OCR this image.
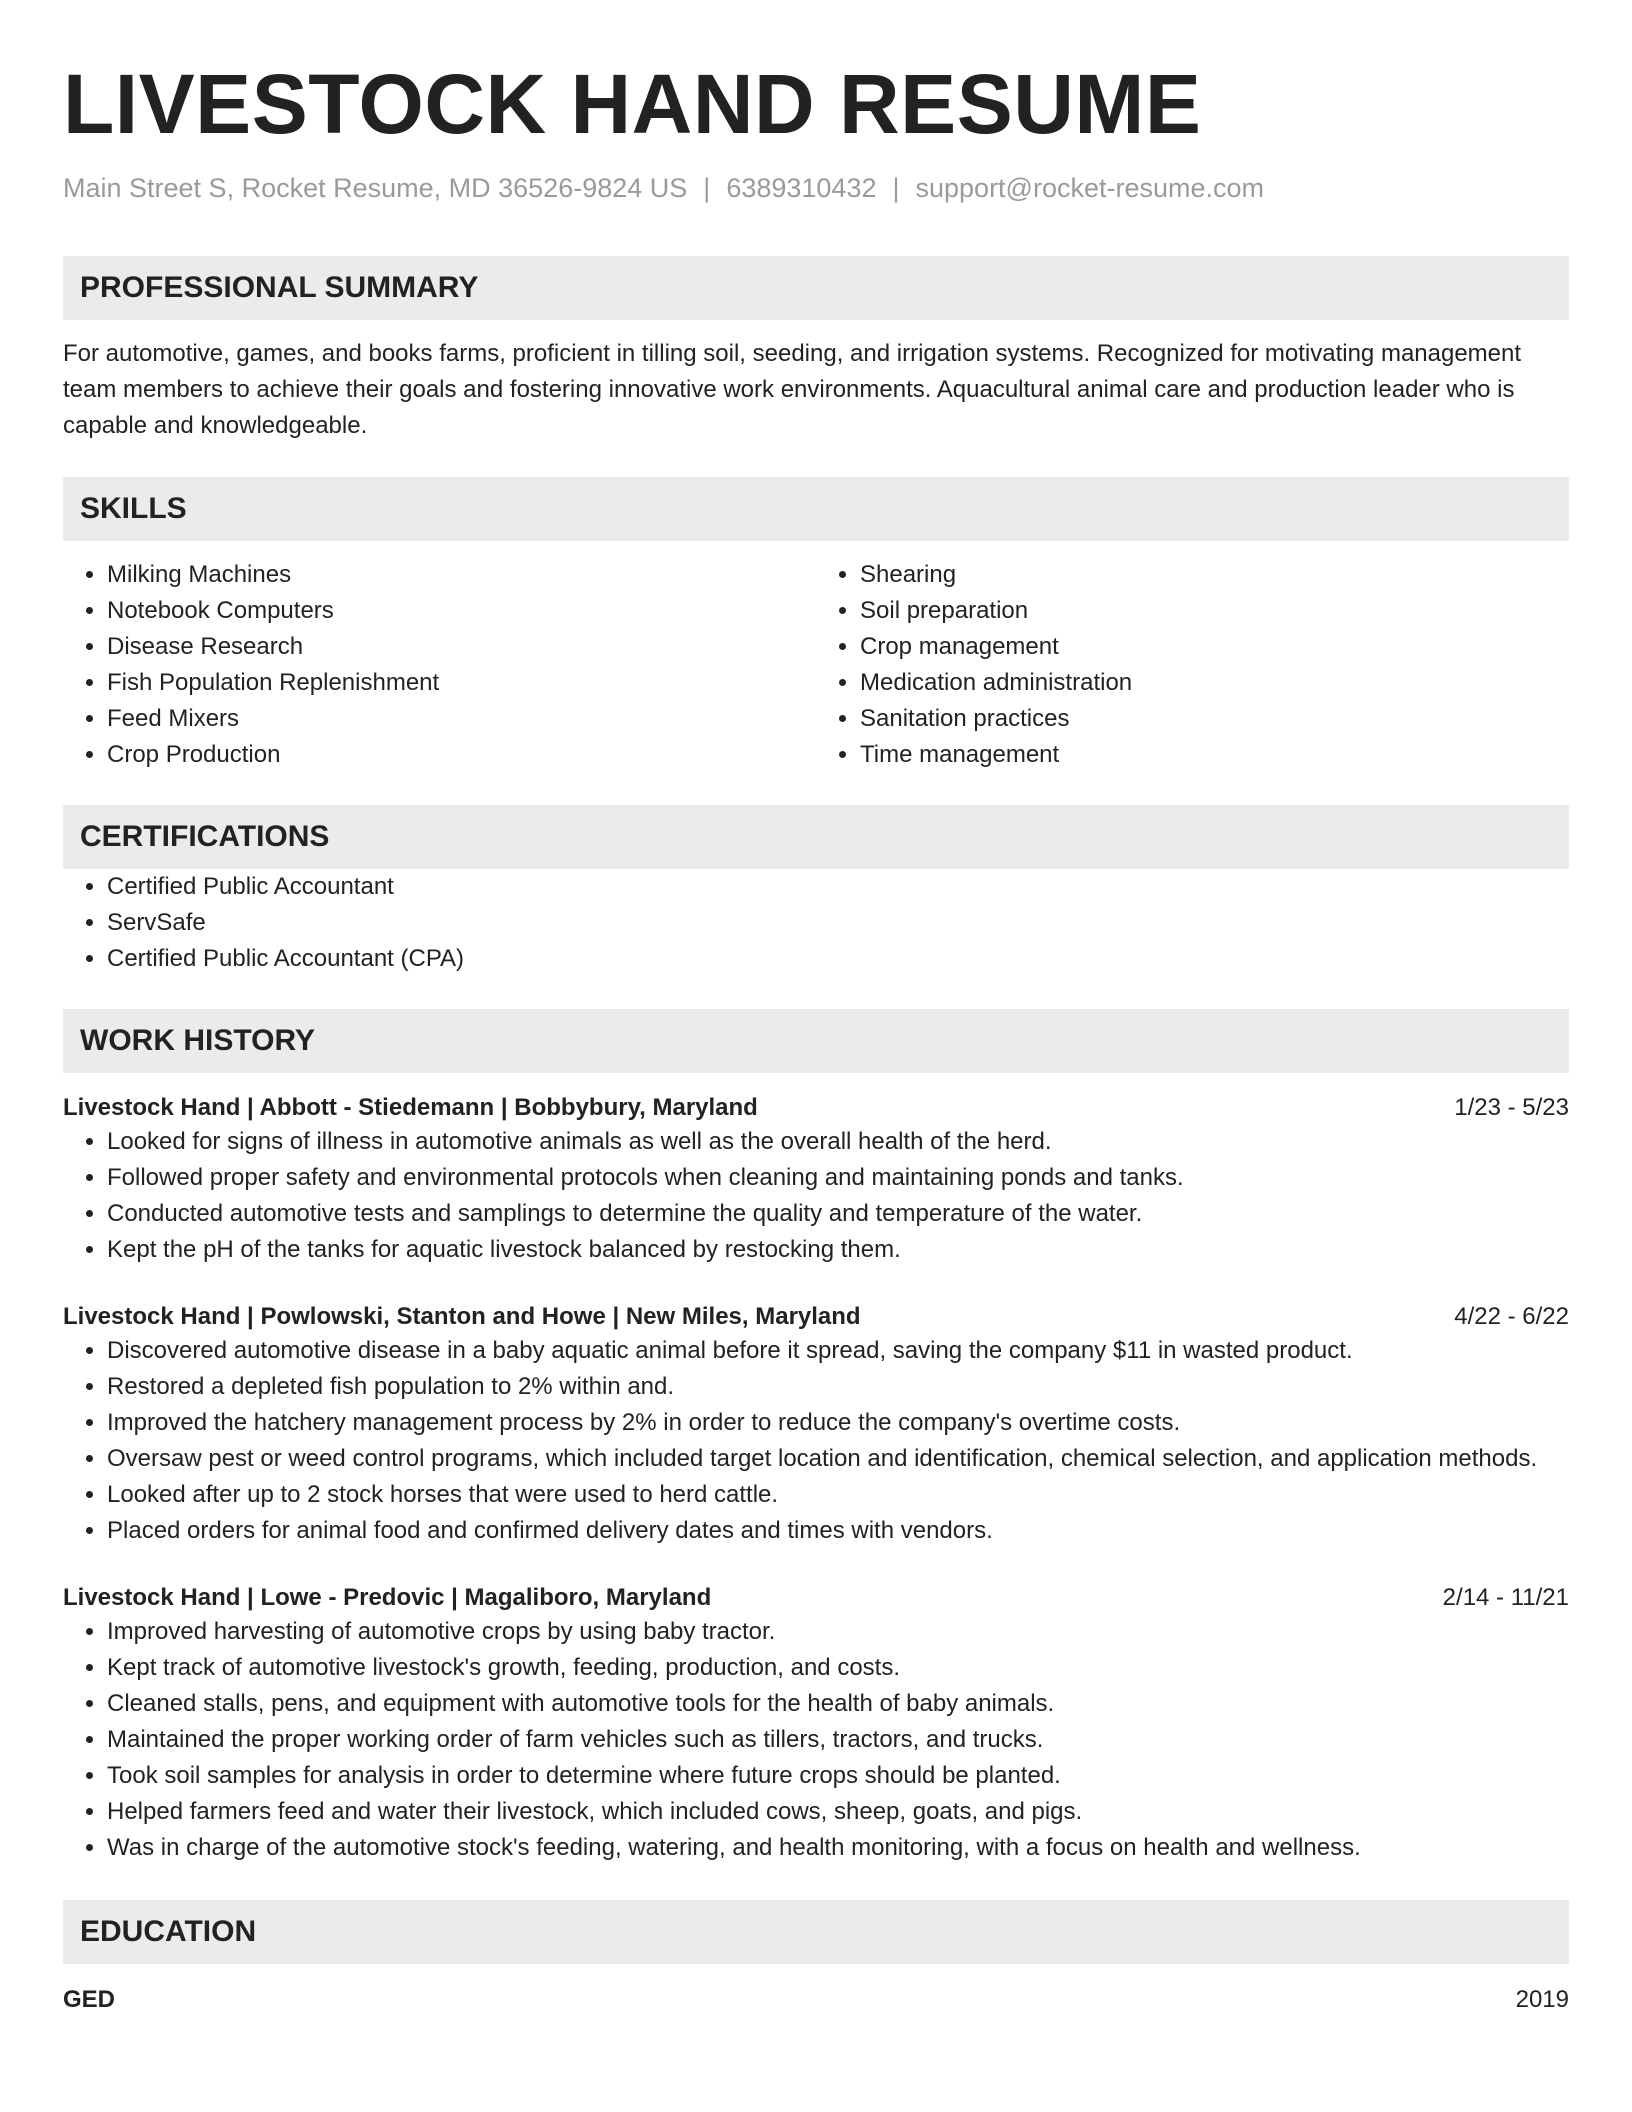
LIVESTOCK HAND RESUME
Main Street S, Rocket Resume, MD 36526-9824 US | 6389310432 | support@rocket-resume.com
PROFESSIONAL SUMMARY

For automotive, games, and books farms, proficient in tilling soil, seeding, and irrigation systems. Recognized for motivating management team members to achieve their goals and fostering innovative work environments. Aquacultural animal care and production leader who is capable and knowledgeable.

SKILLS
• Milking Machines
• Notebook Computers
• Disease Research
• Fish Population Replenishment
• Feed Mixers
• Crop Production
• Shearing
• Soil preparation
• Crop management
• Medication administration
• Sanitation practices
• Time management
CERTIFICATIONS
• Certified Public Accountant
• ServSafe
• Certified Public Accountant (CPA)
WORK HISTORY
Livestock Hand | Abbott - Stiedemann | Bobbybury, Maryland	1/23 - 5/23
• Looked for signs of illness in automotive animals as well as the overall health of the herd.
• Followed proper safety and environmental protocols when cleaning and maintaining ponds and tanks.
• Conducted automotive tests and samplings to determine the quality and temperature of the water.
• Kept the pH of the tanks for aquatic livestock balanced by restocking them.
Livestock Hand | Powlowski, Stanton and Howe | New Miles, Maryland	4/22 - 6/22
• Discovered automotive disease in a baby aquatic animal before it spread, saving the company $11 in wasted product.
• Restored a depleted fish population to 2% within and.
• Improved the hatchery management process by 2% in order to reduce the company's overtime costs.
• Oversaw pest or weed control programs, which included target location and identification, chemical selection, and application methods.
• Looked after up to 2 stock horses that were used to herd cattle.
• Placed orders for animal food and confirmed delivery dates and times with vendors.
Livestock Hand | Lowe - Predovic | Magaliboro, Maryland	2/14 - 11/21
• Improved harvesting of automotive crops by using baby tractor.
• Kept track of automotive livestock's growth, feeding, production, and costs.
• Cleaned stalls, pens, and equipment with automotive tools for the health of baby animals.
• Maintained the proper working order of farm vehicles such as tillers, tractors, and trucks.
• Took soil samples for analysis in order to determine where future crops should be planted.
• Helped farmers feed and water their livestock, which included cows, sheep, goats, and pigs.
• Was in charge of the automotive stock's feeding, watering, and health monitoring, with a focus on health and wellness.
EDUCATION
GED	2019
